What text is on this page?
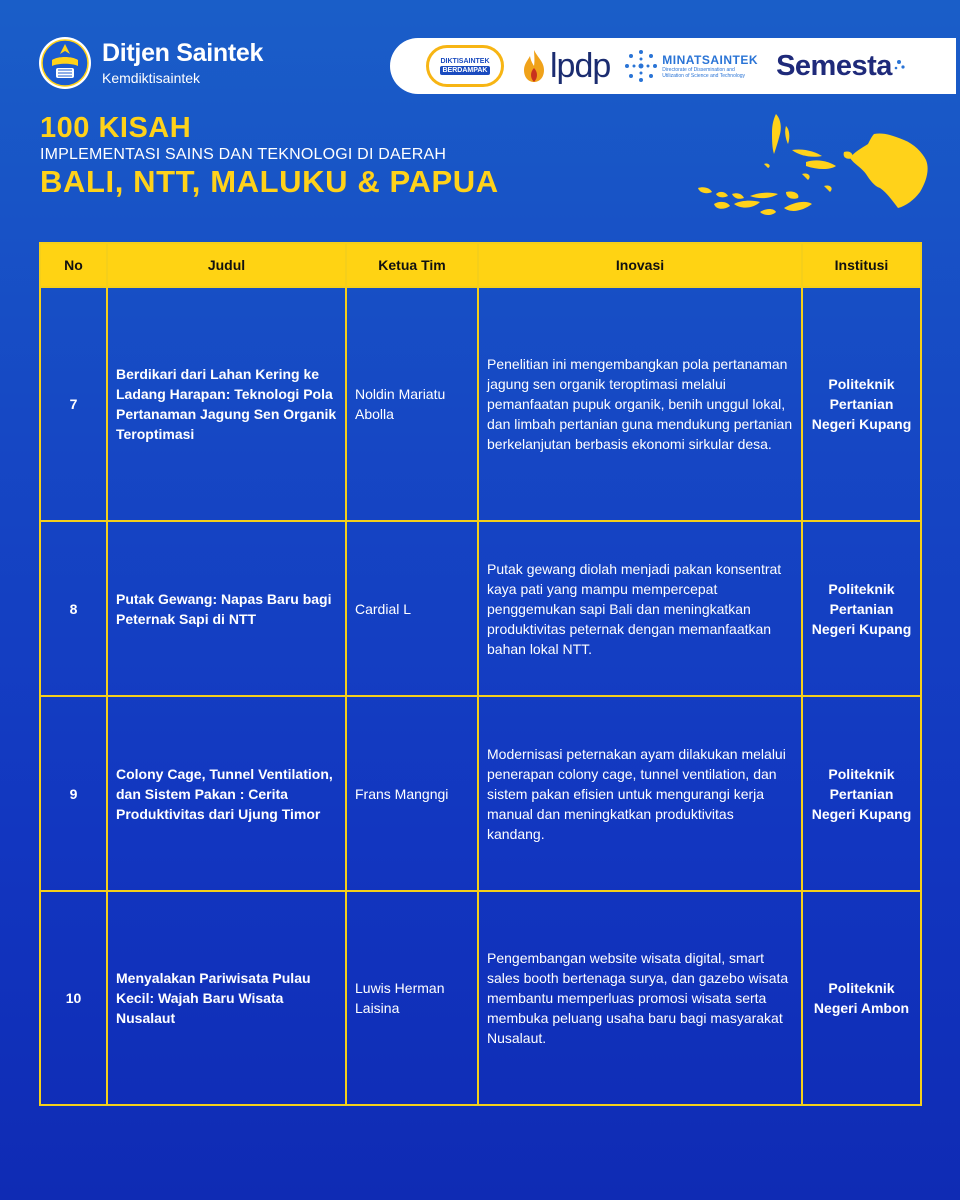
Ditjen Saintek
Kemdiktisaintek
DIKTISAINTEK
BERDAMPAK lpdp	MINATSAINTEK
Directorate of Dissemination and Utilization of Science and Technology Semesta
100 KISAH
IMPLEMENTASI SAINS DAN TEKNOLOGI DI DAERAH
BALI, NTT, MALUKU & PAPUA
No	Judul	Ketua Tim	Inovasi	Institusi
7	Berdikari dari Lahan Kering ke Ladang Harapan: Teknologi Pola Pertanaman Jagung Sen Organik Teroptimasi	Noldin Mariatu Abolla	Penelitian ini mengembangkan pola pertanaman jagung sen organik teroptimasi melalui pemanfaatan pupuk organik, benih unggul lokal, dan limbah pertanian guna mendukung pertanian berkelanjutan berbasis ekonomi sirkular desa.	Politeknik Pertanian Negeri Kupang
8	Putak Gewang: Napas Baru bagi Peternak Sapi di NTT	Cardial L	Putak gewang diolah menjadi pakan konsentrat kaya pati yang mampu mempercepat penggemukan sapi Bali dan meningkatkan produktivitas peternak dengan memanfaatkan bahan lokal NTT.	Politeknik Pertanian Negeri Kupang
9	Colony Cage, Tunnel Ventilation, dan Sistem Pakan : Cerita Produktivitas dari Ujung Timor	Frans Mangngi	Modernisasi peternakan ayam dilakukan melalui penerapan colony cage, tunnel ventilation, dan sistem pakan efisien untuk mengurangi kerja manual dan meningkatkan produktivitas kandang.	Politeknik Pertanian Negeri Kupang
10	Menyalakan Pariwisata Pulau Kecil: Wajah Baru Wisata Nusalaut	Luwis Herman Laisina	Pengembangan website wisata digital, smart sales booth bertenaga surya, dan gazebo wisata membantu memperluas promosi wisata serta membuka peluang usaha baru bagi masyarakat Nusalaut.	Politeknik Negeri Ambon
